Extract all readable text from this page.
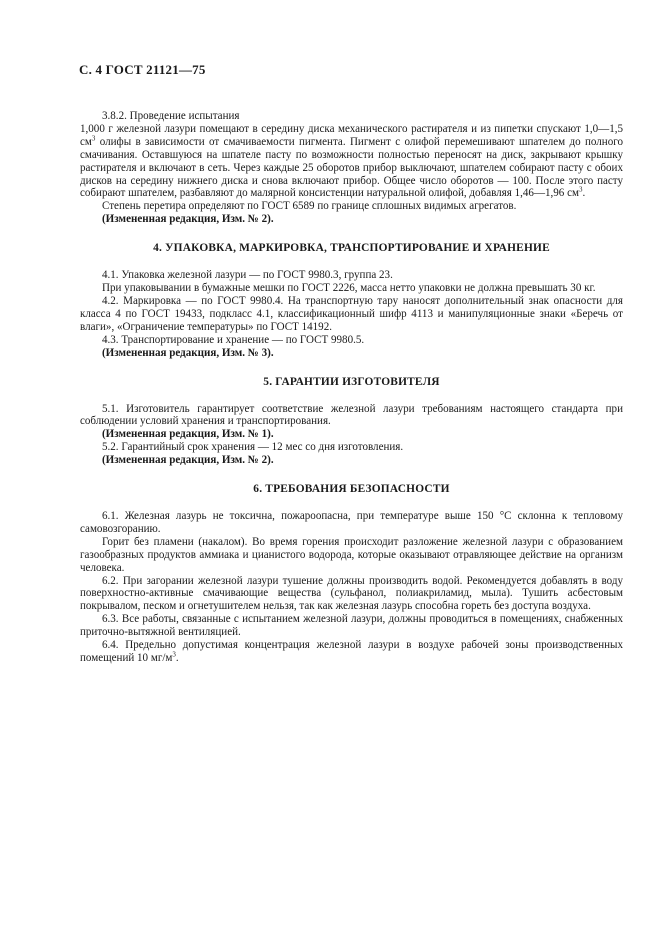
С. 4 ГОСТ 21121—75

3.8.2. Проведение испытания

1,000 г железной лазури помещают в середину диска механического растирателя и из пипетки спускают 1,0—1,5 $см^3$ олифы в зависимости от смачиваемости пигмента. Пигмент с олифой перемешивают шпателем до полного смачивания. Оставшуюся на шпателе пасту по возможности полностью переносят на диск, закрывают крышку растирателя и включают в сеть. Через каждые 25 оборотов прибор выключают, шпателем собирают пасту с обоих дисков на середину нижнего диска и снова включают прибор. Общее число оборотов — 100. После этого пасту собирают шпателем, разбавляют до малярной консистенции натуральной олифой, добавляя 1,46—1,96 $см^3$.

Степень перетира определяют по ГОСТ 6589 по границе сплошных видимых агрегатов.

(Измененная редакция, Изм. № 2).

4. УПАКОВКА, МАРКИРОВКА, ТРАНСПОРТИРОВАНИЕ И ХРАНЕНИЕ

4.1. Упаковка железной лазури — по ГОСТ 9980.3, группа 23.

При упаковывании в бумажные мешки по ГОСТ 2226, масса нетто упаковки не должна превышать 30 кг.

4.2. Маркировка — по ГОСТ 9980.4. На транспортную тару наносят дополнительный знак опасности для класса 4 по ГОСТ 19433, подкласс 4.1, классификационный шифр 4113 и манипуляционные знаки «Беречь от влаги», «Ограничение температуры» по ГОСТ 14192.

4.3. Транспортирование и хранение — по ГОСТ 9980.5.

(Измененная редакция, Изм. № 3).

5. ГАРАНТИИ ИЗГОТОВИТЕЛЯ

5.1. Изготовитель гарантирует соответствие железной лазури требованиям настоящего стандарта при соблюдении условий хранения и транспортирования.

(Измененная редакция, Изм. № 1).

5.2. Гарантийный срок хранения — 12 мес со дня изготовления.

(Измененная редакция, Изм. № 2).

6. ТРЕБОВАНИЯ БЕЗОПАСНОСТИ

6.1. Железная лазурь не токсична, пожароопасна, при температуре выше 150 °С склонна к тепловому самовозгоранию.

Горит без пламени (накалом). Во время горения происходит разложение железной лазури с образованием газообразных продуктов аммиака и цианистого водорода, которые оказывают отравляющее действие на организм человека.

6.2. При загорании железной лазури тушение должны производить водой. Рекомендуется добавлять в воду поверхностно-активные смачивающие вещества (сульфанол, полиакриламид, мыла). Тушить асбестовым покрывалом, песком и огнетушителем нельзя, так как железная лазурь способна гореть без доступа воздуха.

6.3. Все работы, связанные с испытанием железной лазури, должны проводиться в помещениях, снабженных приточно-вытяжной вентиляцией.

6.4. Предельно допустимая концентрация железной лазури в воздухе рабочей зоны производственных помещений 10 $мг/м^3$.
